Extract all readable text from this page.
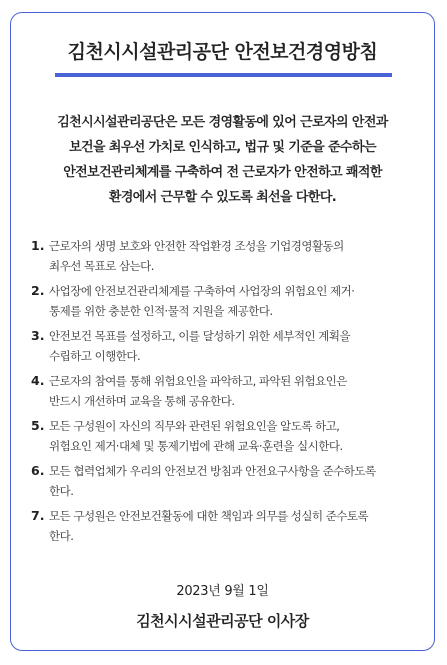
김천시시설관리공단 안전보건경영방침
김천시시설관리공단은 모든 경영활동에 있어 근로자의 안전과
보건을 최우선 가치로 인식하고, 법규 및 기준을 준수하는
안전보건관리체계를 구축하여 전 근로자가 안전하고 쾌적한
환경에서 근무할 수 있도록 최선을 다한다.
1. 근로자의 생명 보호와 안전한 작업환경 조성을 기업경영활동의
최우선 목표로 삼는다.
2. 사업장에 안전보건관리체계를 구축하여 사업장의 위험요인 제거·
통제를 위한 충분한 인적·물적 지원을 제공한다.
3. 안전보건 목표를 설정하고, 이를 달성하기 위한 세부적인 계획을
수립하고 이행한다.
4. 근로자의 참여를 통해 위험요인을 파악하고, 파악된 위험요인은
반드시 개선하며 교육을 통해 공유한다.
5. 모든 구성원이 자신의 직무와 관련된 위험요인을 알도록 하고,
위험요인 제거·대체 및 통제기법에 관해 교육·훈련을 실시한다.
6. 모든 협력업체가 우리의 안전보건 방침과 안전요구사항을 준수하도록
한다.
7. 모든 구성원은 안전보건활동에 대한 책임과 의무를 성실히 준수토록
한다.
2023년 9월 1일
김천시시설관리공단 이사장
